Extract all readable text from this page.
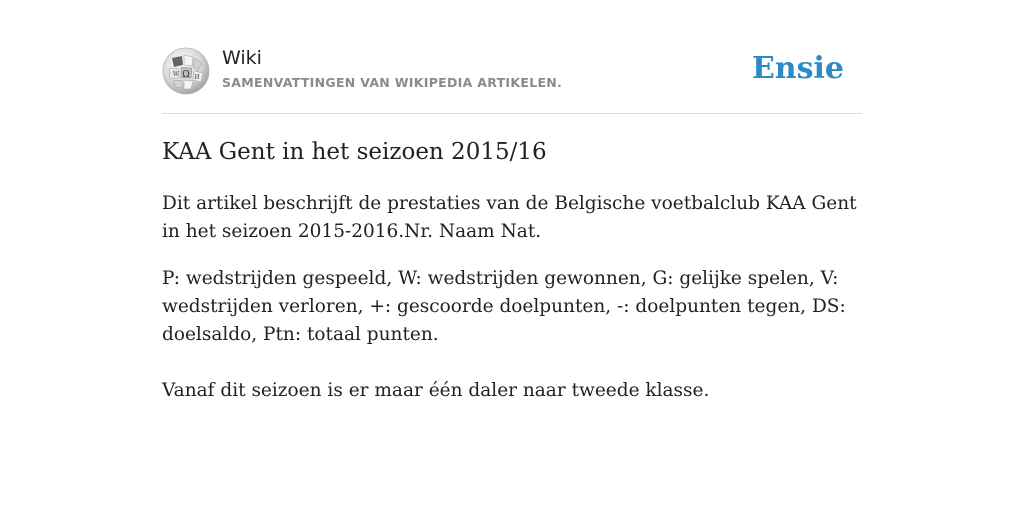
Ω
W	И
Wiki
SAMENVATTINGEN VAN WIKIPEDIA ARTIKELEN.	Ensie
KAA Gent in het seizoen 2015/16

Dit artikel beschrijft de prestaties van de Belgische voetbalclub KAA Gent in het seizoen 2015-2016.Nr. Naam Nat.

P: wedstrijden gespeeld, W: wedstrijden gewonnen, G: gelijke spelen, V: wedstrijden verloren, +: gescoorde doelpunten, -: doelpunten tegen, DS: doelsaldo, Ptn: totaal punten.

Vanaf dit seizoen is er maar één daler naar tweede klasse.
